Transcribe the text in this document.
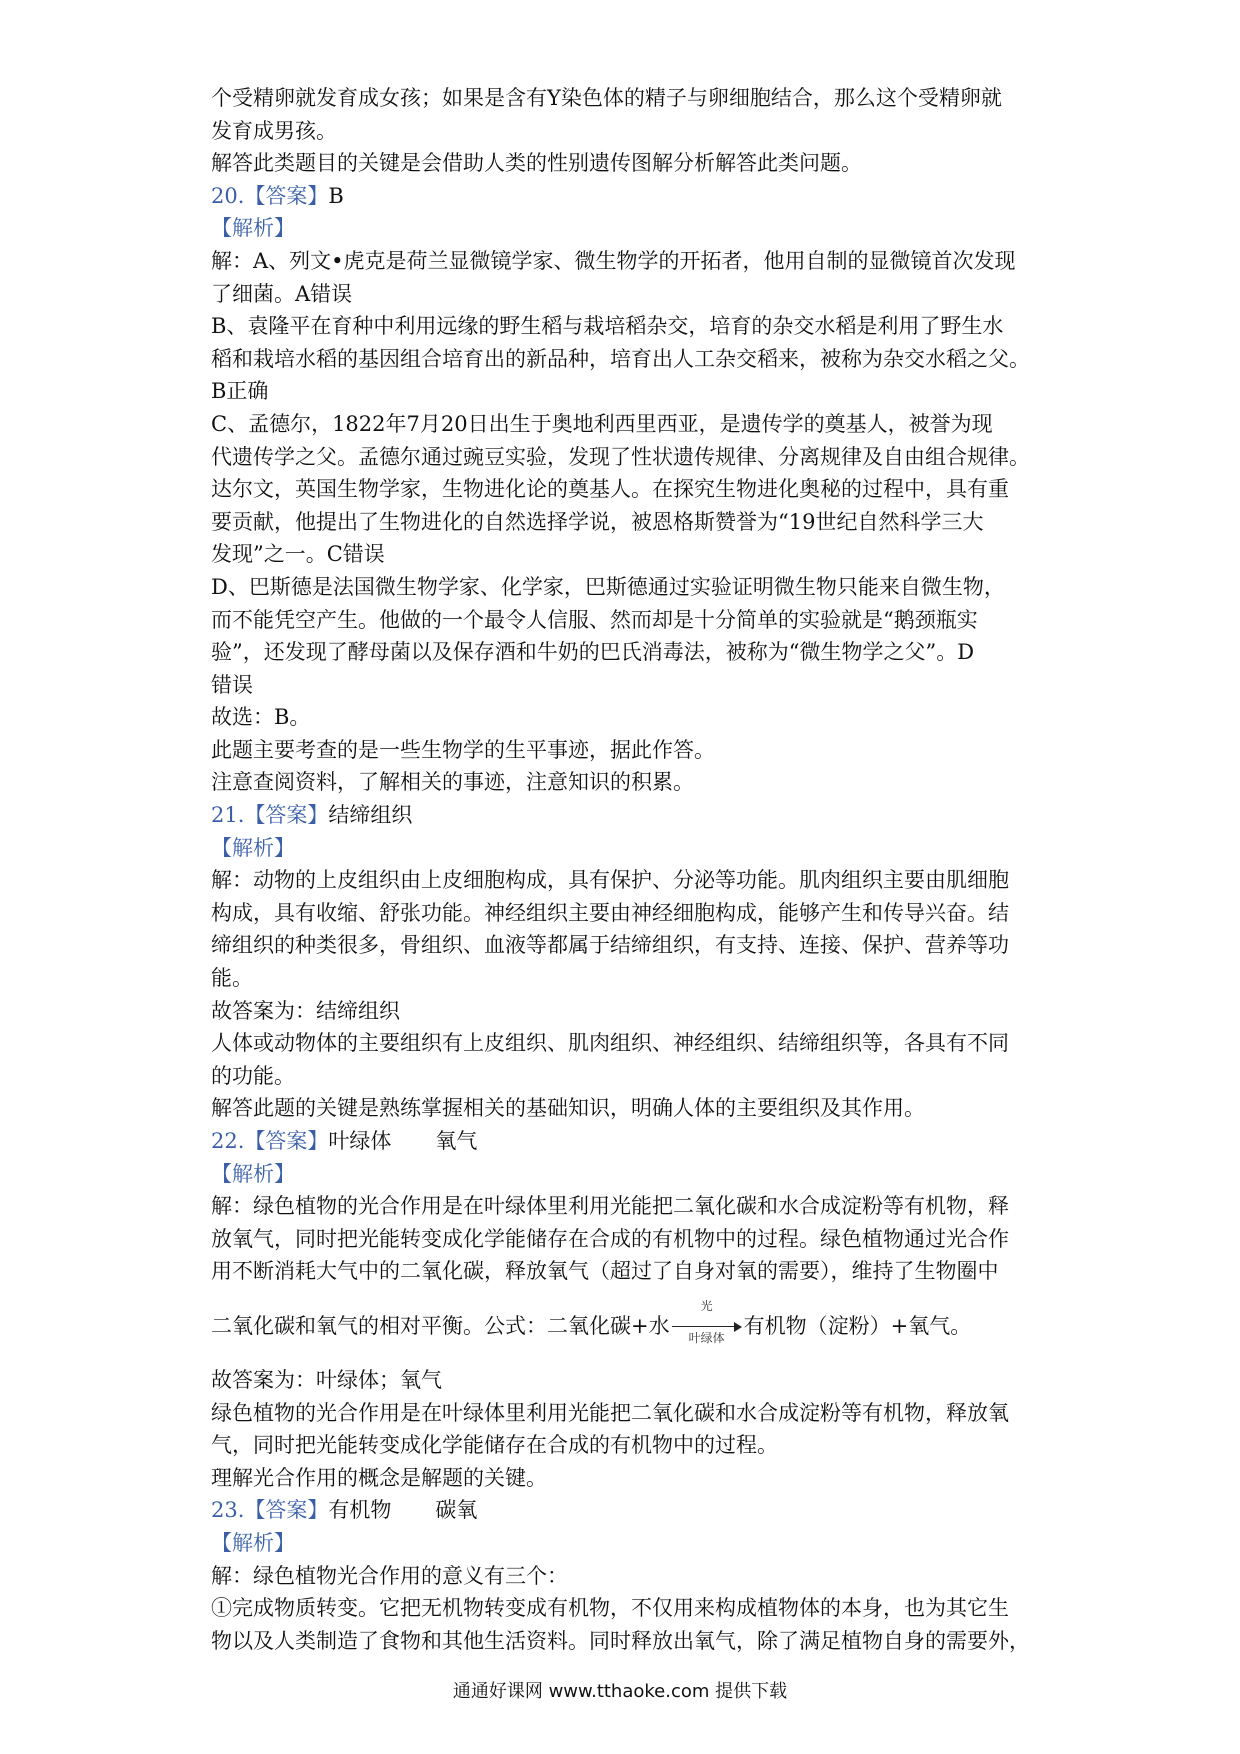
个受精卵就发育成女孩；如果是含有Y染色体的精子与卵细胞结合，那么这个受精卵就
发育成男孩。
解答此类题目的关键是会借助人类的性别遗传图解分析解答此类问题。
20.【答案】B
【解析】
解：A、列文•虎克是荷兰显微镜学家、微生物学的开拓者，他用自制的显微镜首次发现
了细菌。A错误
B、袁隆平在育种中利用远缘的野生稻与栽培稻杂交，培育的杂交水稻是利用了野生水
稻和栽培水稻的基因组合培育出的新品种，培育出人工杂交稻来，被称为杂交水稻之父。
B正确
C、孟德尔，1822年7月20日出生于奥地利西里西亚，是遗传学的奠基人，被誉为现
代遗传学之父。孟德尔通过豌豆实验，发现了性状遗传规律、分离规律及自由组合规律。
达尔文，英国生物学家，生物进化论的奠基人。在探究生物进化奥秘的过程中，具有重
要贡献，他提出了生物进化的自然选择学说，被恩格斯赞誉为“19世纪自然科学三大
发现”之一。C错误
D、巴斯德是法国微生物学家、化学家，巴斯德通过实验证明微生物只能来自微生物，
而不能凭空产生。他做的一个最令人信服、然而却是十分简单的实验就是“鹅颈瓶实
验”，还发现了酵母菌以及保存酒和牛奶的巴氏消毒法，被称为“微生物学之父”。D
错误
故选：B。
此题主要考查的是一些生物学的生平事迹，据此作答。
注意查阅资料，了解相关的事迹，注意知识的积累。
21.【答案】结缔组织
【解析】
解：动物的上皮组织由上皮细胞构成，具有保护、分泌等功能。肌肉组织主要由肌细胞
构成，具有收缩、舒张功能。神经组织主要由神经细胞构成，能够产生和传导兴奋。结
缔组织的种类很多，骨组织、血液等都属于结缔组织，有支持、连接、保护、营养等功
能。
故答案为：结缔组织
人体或动物体的主要组织有上皮组织、肌肉组织、神经组织、结缔组织等，各具有不同
的功能。
解答此题的关键是熟练掌握相关的基础知识，明确人体的主要组织及其作用。
22.【答案】叶绿体 氧气
【解析】
解：绿色植物的光合作用是在叶绿体里利用光能把二氧化碳和水合成淀粉等有机物，释
放氧气，同时把光能转变成化学能储存在合成的有机物中的过程。绿色植物通过光合作
用不断消耗大气中的二氧化碳，释放氧气（超过了自身对氧的需要），维持了生物圈中
二氧化碳和氧气的相对平衡。公式：二氧化碳+水
光
叶绿体
有机物（淀粉）+氧气。
故答案为：叶绿体；氧气
绿色植物的光合作用是在叶绿体里利用光能把二氧化碳和水合成淀粉等有机物，释放氧
气，同时把光能转变成化学能储存在合成的有机物中的过程。
理解光合作用的概念是解题的关键。
23.【答案】有机物 碳氧
【解析】
解：绿色植物光合作用的意义有三个：
①完成物质转变。它把无机物转变成有机物，不仅用来构成植物体的本身，也为其它生
物以及人类制造了食物和其他生活资料。同时释放出氧气，除了满足植物自身的需要外，
通通好课网 www.tthaoke.com 提供下载
